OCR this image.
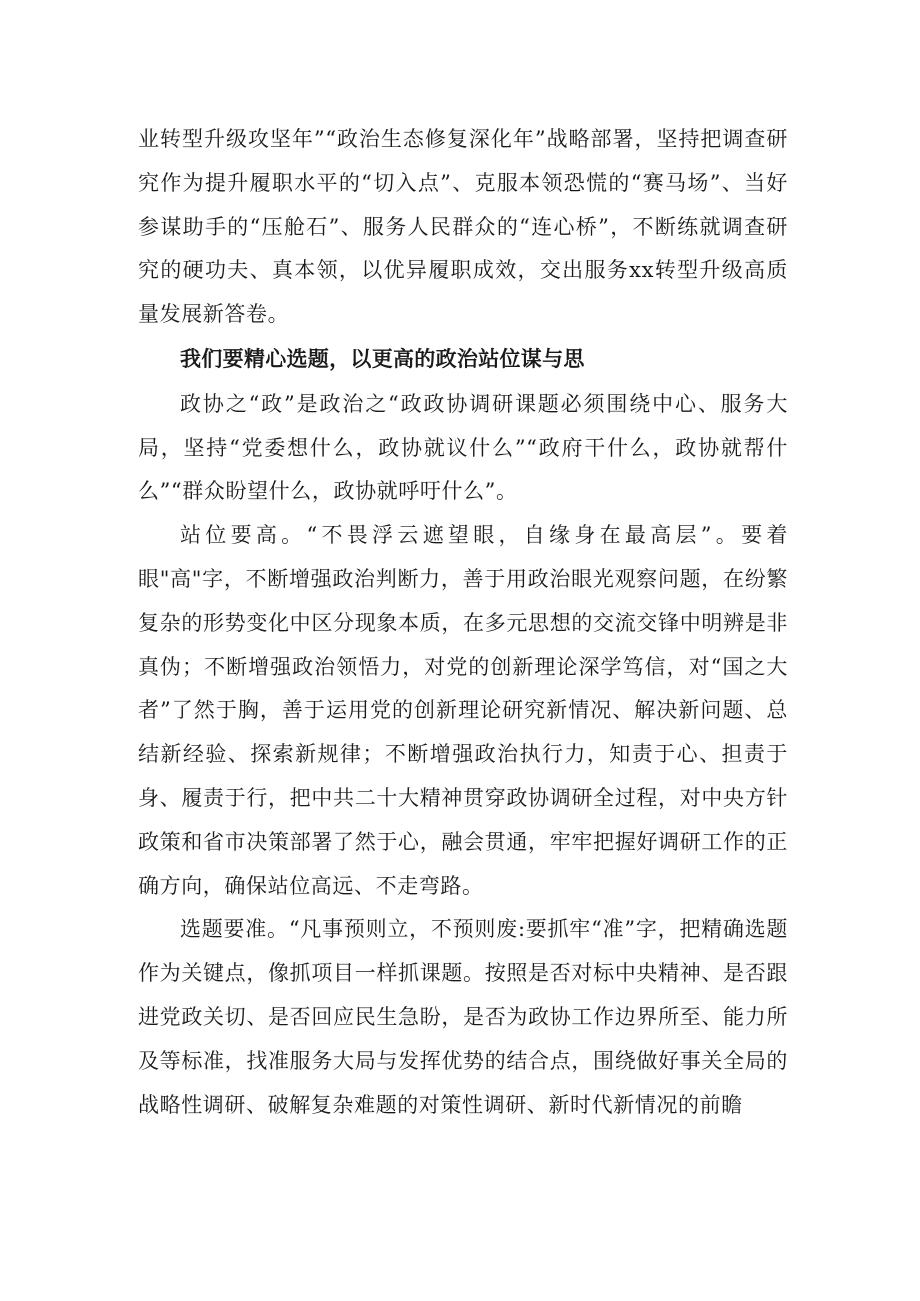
业转型升级攻坚年”“政治生态修复深化年”战略部署，坚持把调查研究作为提升履职水平的“切入点”、克服本领恐慌的“赛马场”、当好参谋助手的“压舱石”、服务人民群众的“连心桥”，不断练就调查研究的硬功夫、真本领，以优异履职成效，交出服务xx转型升级高质量发展新答卷。

我们要精心选题，以更高的政治站位谋与思

政协之“政”是政治之“政政协调研课题必须围绕中心、服务大局，坚持“党委想什么，政协就议什么”“政府干什么，政协就帮什么”“群众盼望什么，政协就呼吁什么”。

站位要高。“不畏浮云遮望眼，自缘身在最高层”。要着眼"高"字，不断增强政治判断力，善于用政治眼光观察问题，在纷繁复杂的形势变化中区分现象本质，在多元思想的交流交锋中明辨是非真伪；不断增强政治领悟力，对党的创新理论深学笃信，对“国之大者”了然于胸，善于运用党的创新理论研究新情况、解决新问题、总结新经验、探索新规律；不断增强政治执行力，知责于心、担责于身、履责于行，把中共二十大精神贯穿政协调研全过程，对中央方针政策和省市决策部署了然于心，融会贯通，牢牢把握好调研工作的正确方向，确保站位高远、不走弯路。

选题要准。“凡事预则立，不预则废:要抓牢“准”字，把精确选题作为关键点，像抓项目一样抓课题。按照是否对标中央精神、是否跟进党政关切、是否回应民生急盼，是否为政协工作边界所至、能力所及等标准，找准服务大局与发挥优势的结合点，围绕做好事关全局的战略性调研、破解复杂难题的对策性调研、新时代新情况的前瞻
